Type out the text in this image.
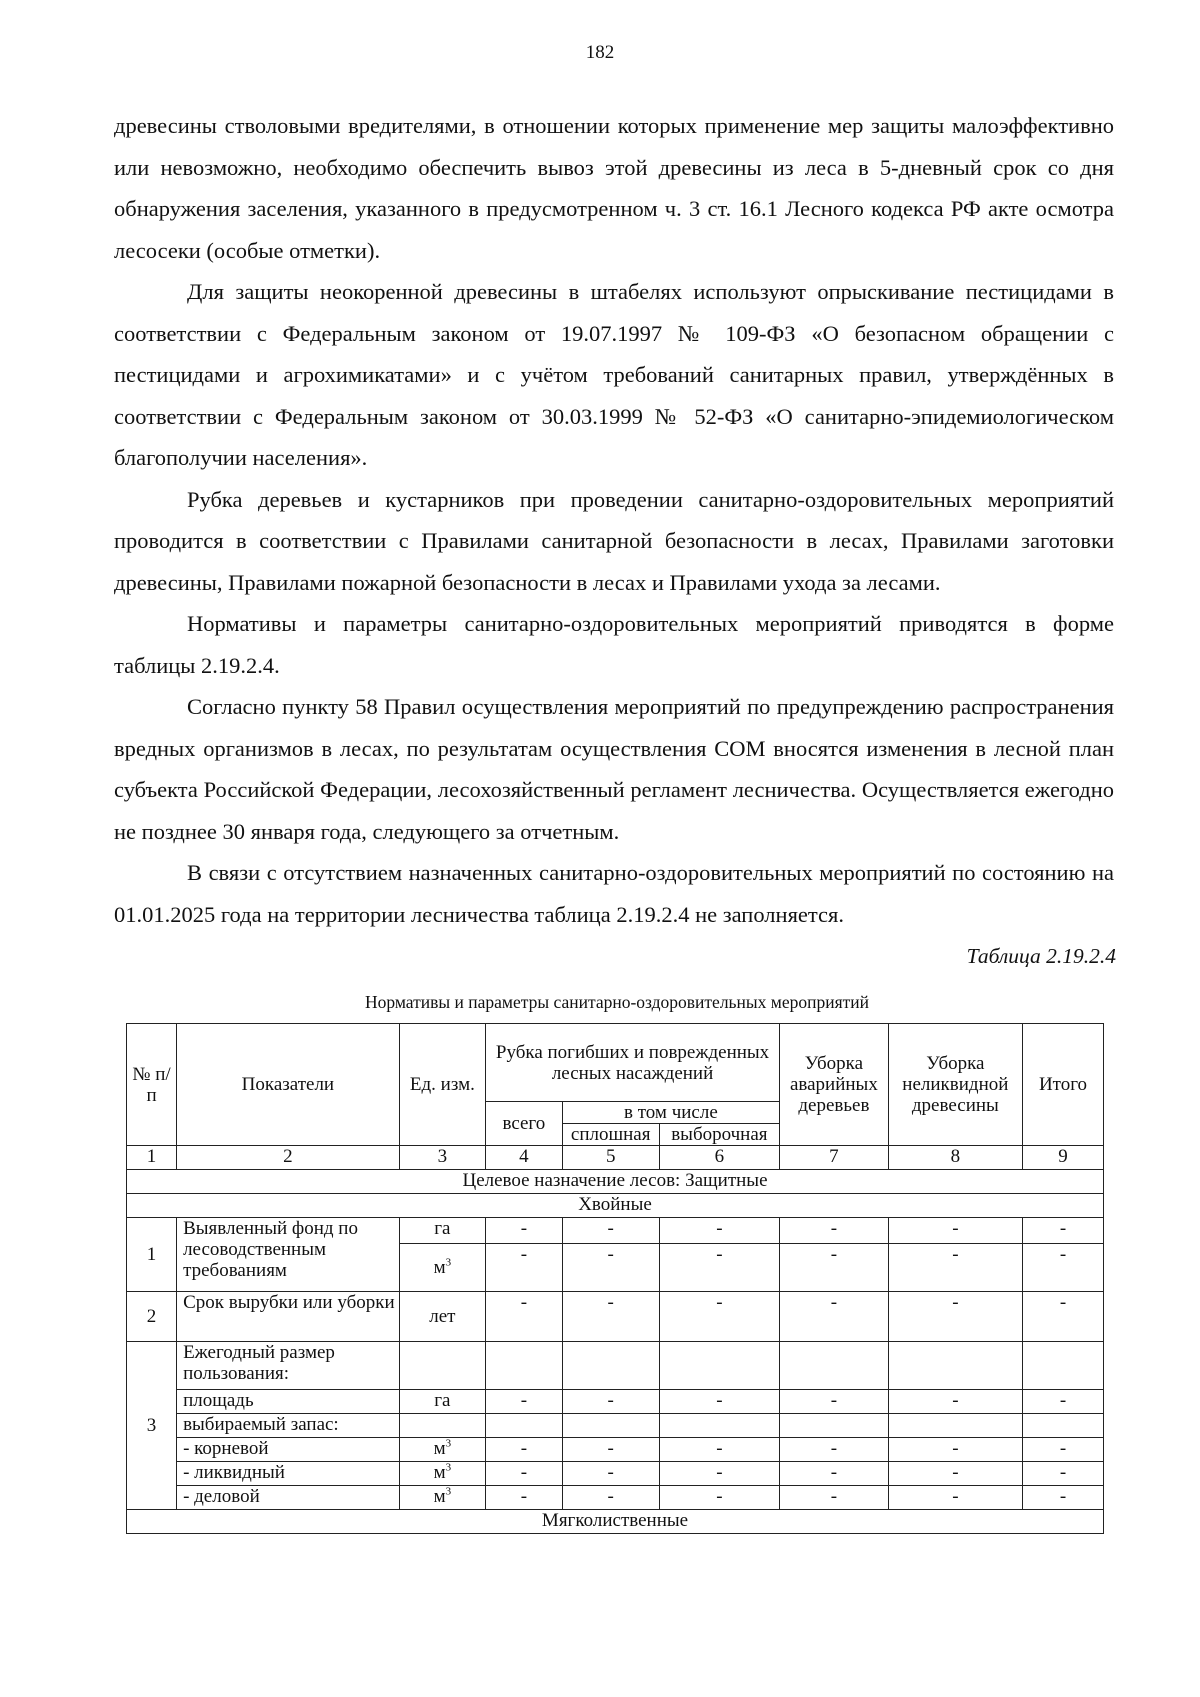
182

древесины стволовыми вредителями, в отношении которых применение мер защиты малоэффективно или невозможно, необходимо обеспечить вывоз этой древесины из леса в 5-дневный срок со дня обнаружения заселения, указанного в предусмотренном ч. 3 ст. 16.1 Лесного кодекса РФ акте осмотра лесосеки (особые отметки).

Для защиты неокоренной древесины в штабелях используют опрыскивание пестицидами в соответствии с Федеральным законом от 19.07.1997 № 109-ФЗ «О безопасном обращении с пестицидами и агрохимикатами» и с учётом требований санитарных правил, утверждённых в соответствии с Федеральным законом от 30.03.1999 № 52-ФЗ «О санитарно-эпидемиологическом благополучии населения».

Рубка деревьев и кустарников при проведении санитарно-оздоровительных мероприятий проводится в соответствии с Правилами санитарной безопасности в лесах, Правилами заготовки древесины, Правилами пожарной безопасности в лесах и Правилами ухода за лесами.

Нормативы и параметры санитарно-оздоровительных мероприятий приводятся в форме таблицы 2.19.2.4.

Согласно пункту 58 Правил осуществления мероприятий по предупреждению распространения вредных организмов в лесах, по результатам осуществления СОМ вносятся изменения в лесной план субъекта Российской Федерации, лесохозяйственный регламент лесничества. Осуществляется ежегодно не позднее 30 января года, следующего за отчетным.

В связи с отсутствием назначенных санитарно-оздоровительных мероприятий по состоянию на 01.01.2025 года на территории лесничества таблица 2.19.2.4 не заполняется.

Таблица 2.19.2.4
Нормативы и параметры санитарно-оздоровительных мероприятий
№ п/п	Показатели	Ед. изм.	Рубка погибших и поврежденных лесных насаждений			Уборка аварийных деревьев	Уборка неликвидной древесины	Итого
			всего	в том числе				
				сплошная	выборочная			
1	2	3	4	5	6	7	8	9
Целевое назначение лесов: Защитные								
Хвойные								
1	Выявленный фонд по лесоводственным требованиям	га	-	-	-	-	-	-
		$м^3$	-	-	-	-	-	-
2	Срок вырубки или уборки	лет	-	-	-	-	-	-
3	Ежегодный размер пользования:							
	площадь	га	-	-	-	-	-	-
	выбираемый запас:							
	- корневой	$м^3$	-	-	-	-	-	-
	- ликвидный	$м^3$	-	-	-	-	-	-
	- деловой	$м^3$	-	-	-	-	-	-
Мягколиственные								
